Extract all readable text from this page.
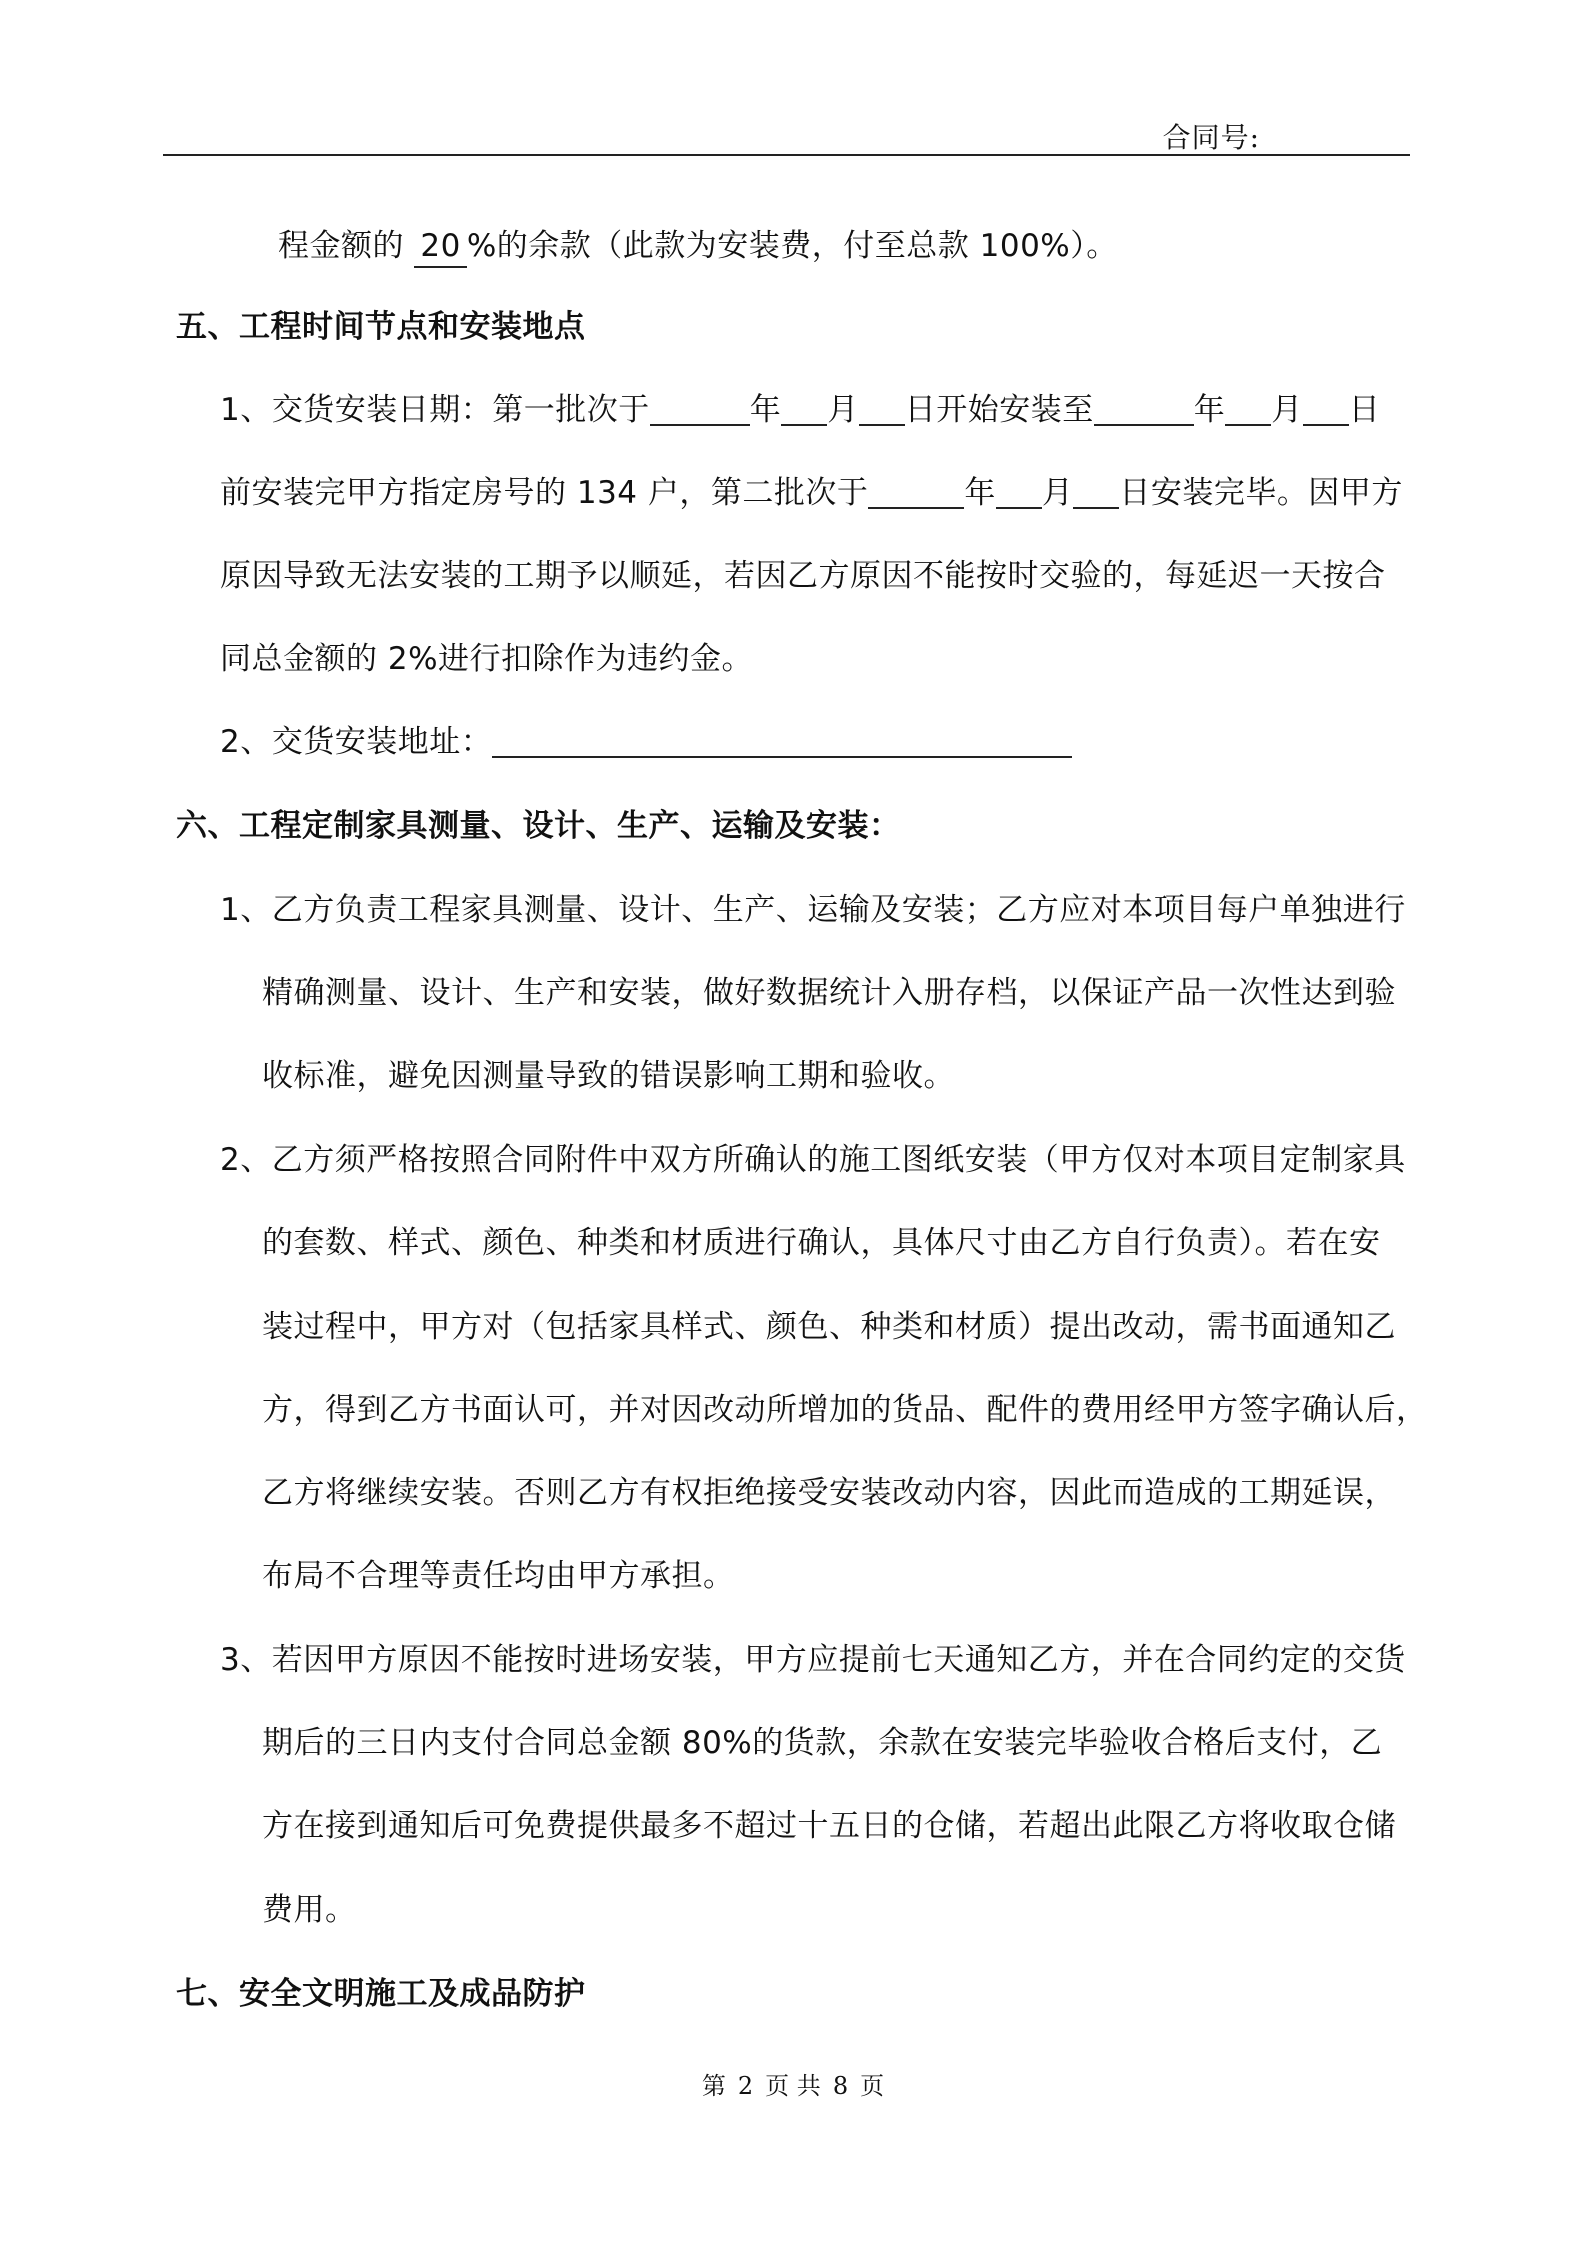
合同号:
程金额的 20 %的余款（此款为安装费，付至总款 100%）。
五、工程时间节点和安装地点
1、交货安装日期：第一批次于	年 月 日开始安装至	年 月 日
前安装完甲方指定房号的 134 户，第二批次于	年 月 日安装完毕。因甲方
原因导致无法安装的工期予以顺延，若因乙方原因不能按时交验的，每延迟一天按合
同总金额的 2%进行扣除作为违约金。
2、交货安装地址：
六、工程定制家具测量、设计、生产、运输及安装：
1、乙方负责工程家具测量、设计、生产、运输及安装；乙方应对本项目每户单独进行
精确测量、设计、生产和安装，做好数据统计入册存档，以保证产品一次性达到验
收标准，避免因测量导致的错误影响工期和验收。
2、乙方须严格按照合同附件中双方所确认的施工图纸安装（甲方仅对本项目定制家具
的套数、样式、颜色、种类和材质进行确认，具体尺寸由乙方自行负责）。若在安
装过程中，甲方对（包括家具样式、颜色、种类和材质）提出改动，需书面通知乙
方，得到乙方书面认可，并对因改动所增加的货品、配件的费用经甲方签字确认后，
乙方将继续安装。否则乙方有权拒绝接受安装改动内容，因此而造成的工期延误，
布局不合理等责任均由甲方承担。
3、若因甲方原因不能按时进场安装，甲方应提前七天通知乙方，并在合同约定的交货
期后的三日内支付合同总金额 80%的货款，余款在安装完毕验收合格后支付，乙
方在接到通知后可免费提供最多不超过十五日的仓储，若超出此限乙方将收取仓储
费用。
七、安全文明施工及成品防护
第 2 页 共 8 页
